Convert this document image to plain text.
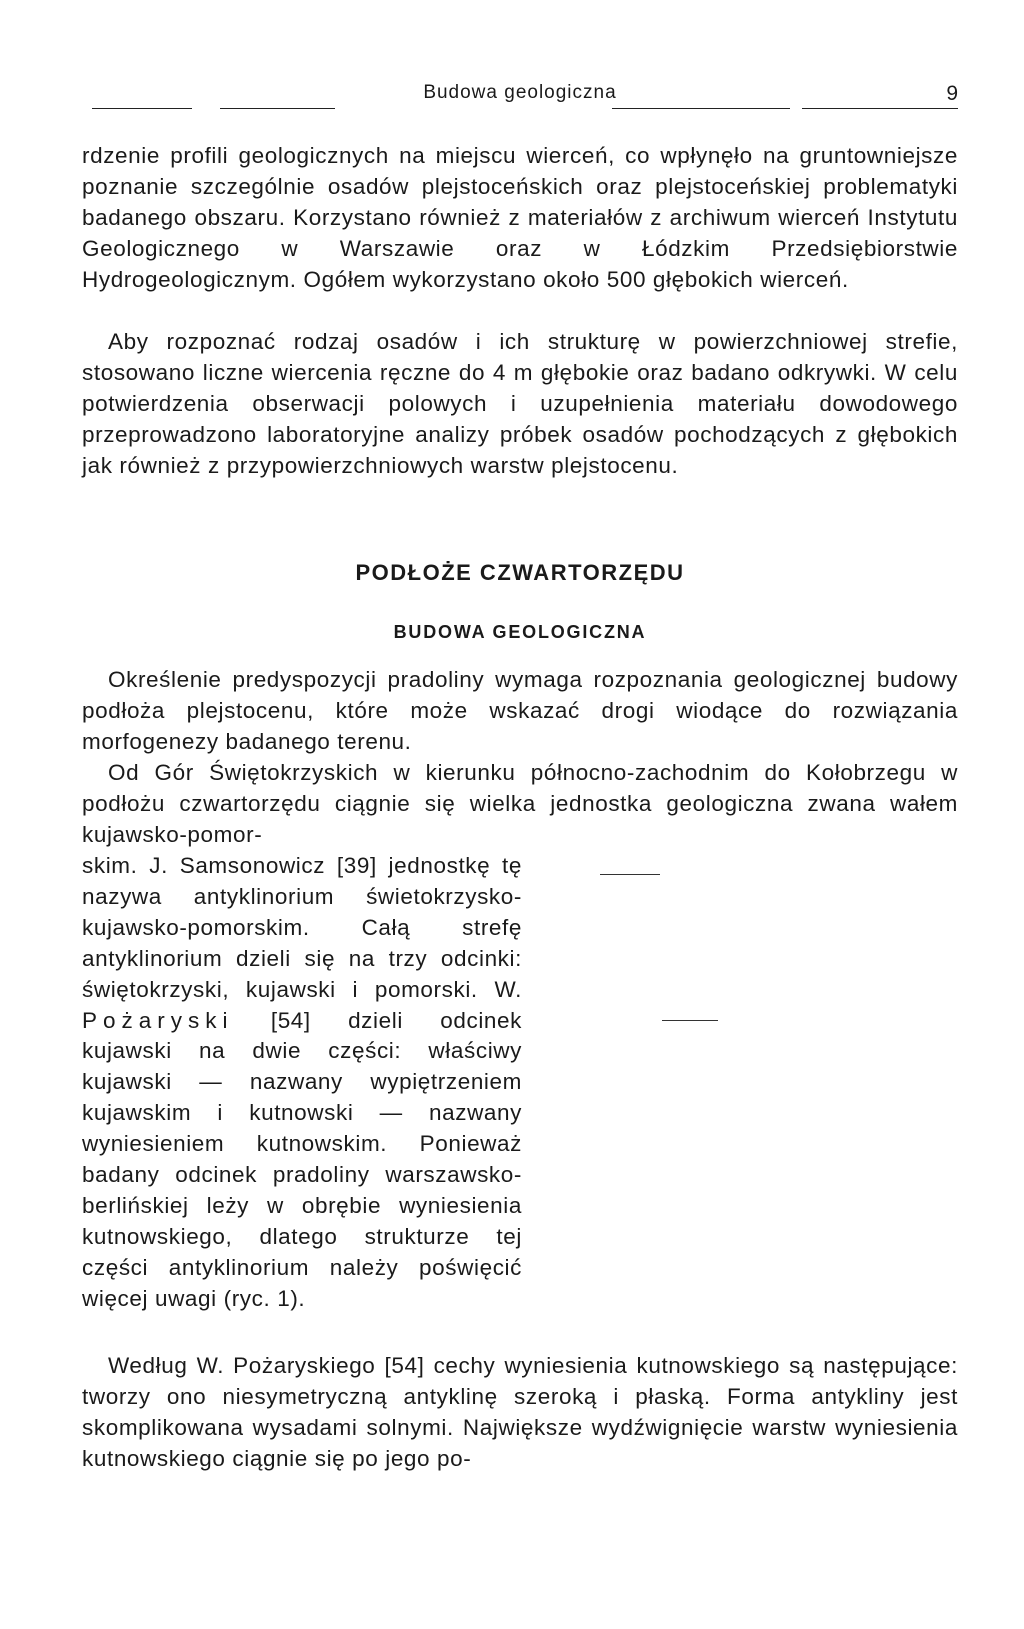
Budowa geologiczna	9

rdzenie profili geologicznych na miejscu wierceń, co wpłynęło na gruntowniejsze poznanie szczególnie osadów plejstoceńskich oraz plejstoceńskiej problematyki badanego obszaru. Korzystano również z materiałów z archiwum wierceń Instytutu Geologicznego w Warszawie oraz w Łódzkim Przedsiębiorstwie Hydrogeologicznym. Ogółem wykorzystano około 500 głębokich wierceń.

Aby rozpoznać rodzaj osadów i ich strukturę w powierzchniowej strefie, stosowano liczne wiercenia ręczne do 4 m głębokie oraz badano odkrywki. W celu potwierdzenia obserwacji polowych i uzupełnienia materiału dowodowego przeprowadzono laboratoryjne analizy próbek osadów pochodzących z głębokich jak również z przypowierzchniowych warstw plejstocenu.

PODŁOŻE CZWARTORZĘDU
BUDOWA GEOLOGICZNA

Określenie predyspozycji pradoliny wymaga rozpoznania geologicznej budowy podłoża plejstocenu, które może wskazać drogi wiodące do rozwiązania morfogenezy badanego terenu.

Od Gór Świętokrzyskich w kierunku północno-zachodnim do Kołobrzegu w podłożu czwartorzędu ciągnie się wielka jednostka geologiczna zwana wałem kujawsko-pomor-

skim. J. Samsonowicz [39] jednostkę tę nazywa antyklinorium świetokrzysko-kujawsko-pomorskim. Całą strefę antyklinorium dzieli się na trzy odcinki: świętokrzyski, kujawski i pomorski. W. Pożaryski [54] dzieli odcinek kujawski na dwie części: właściwy kujawski — nazwany wypiętrzeniem kujawskim i kutnowski — nazwany wyniesieniem kutnowskim. Ponieważ badany odcinek pradoliny warszawsko-berlińskiej leży w obrębie wyniesienia kutnowskiego, dlatego strukturze tej części antyklinorium należy poświęcić więcej uwagi (ryc. 1).

Według W. Pożaryskiego [54] cechy wyniesienia kutnowskiego są następujące: tworzy ono niesymetryczną antyklinę szeroką i płaską. Forma antykliny jest skomplikowana wysadami solnymi. Największe wydźwignięcie warstw wyniesienia kutnowskiego ciągnie się po jego po-
